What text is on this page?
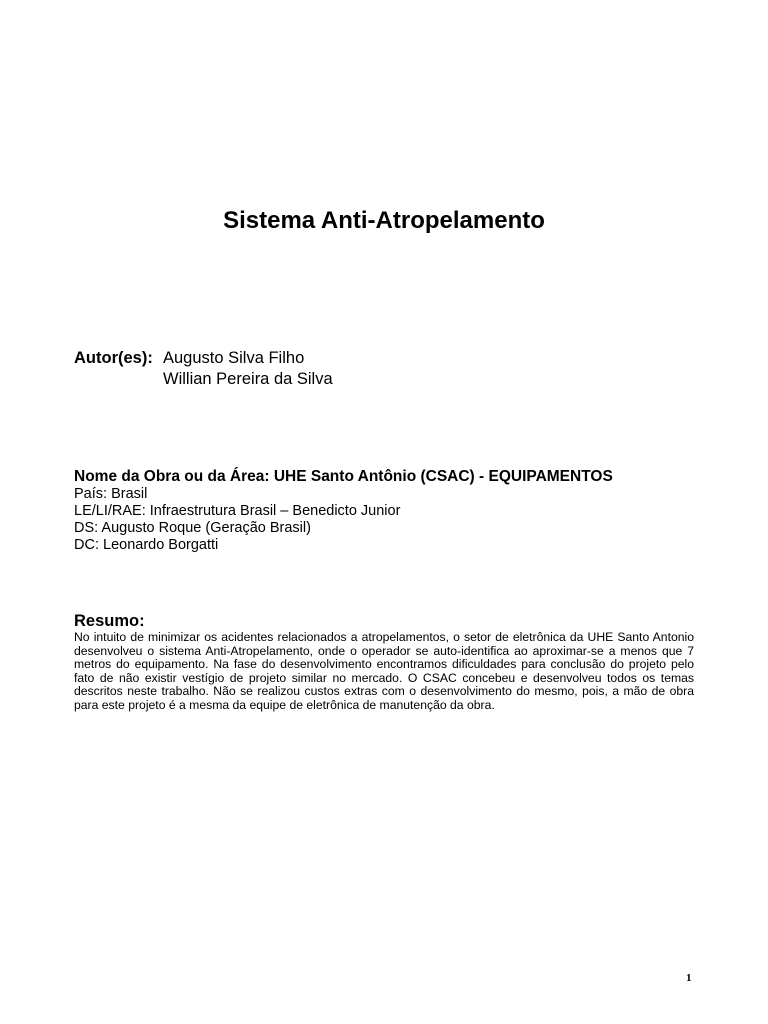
Sistema Anti-Atropelamento
Autor(es): Augusto Silva Filho
Willian Pereira da Silva
Nome da Obra ou da Área: UHE Santo Antônio (CSAC) - EQUIPAMENTOS
País: Brasil
LE/LI/RAE: Infraestrutura Brasil – Benedicto Junior
DS: Augusto Roque (Geração Brasil)
DC: Leonardo Borgatti
Resumo:
No intuito de minimizar os acidentes relacionados a atropelamentos, o setor de eletrônica da UHE Santo Antonio desenvolveu o sistema Anti-Atropelamento, onde o operador se auto-identifica ao aproximar-se a menos que 7 metros do equipamento. Na fase do desenvolvimento encontramos dificuldades para conclusão do projeto pelo fato de não existir vestígio de projeto similar no mercado. O CSAC concebeu e desenvolveu todos os temas descritos neste trabalho. Não se realizou custos extras com o desenvolvimento do mesmo, pois, a mão de obra para este projeto é a mesma da equipe de eletrônica de manutenção da obra.
1
